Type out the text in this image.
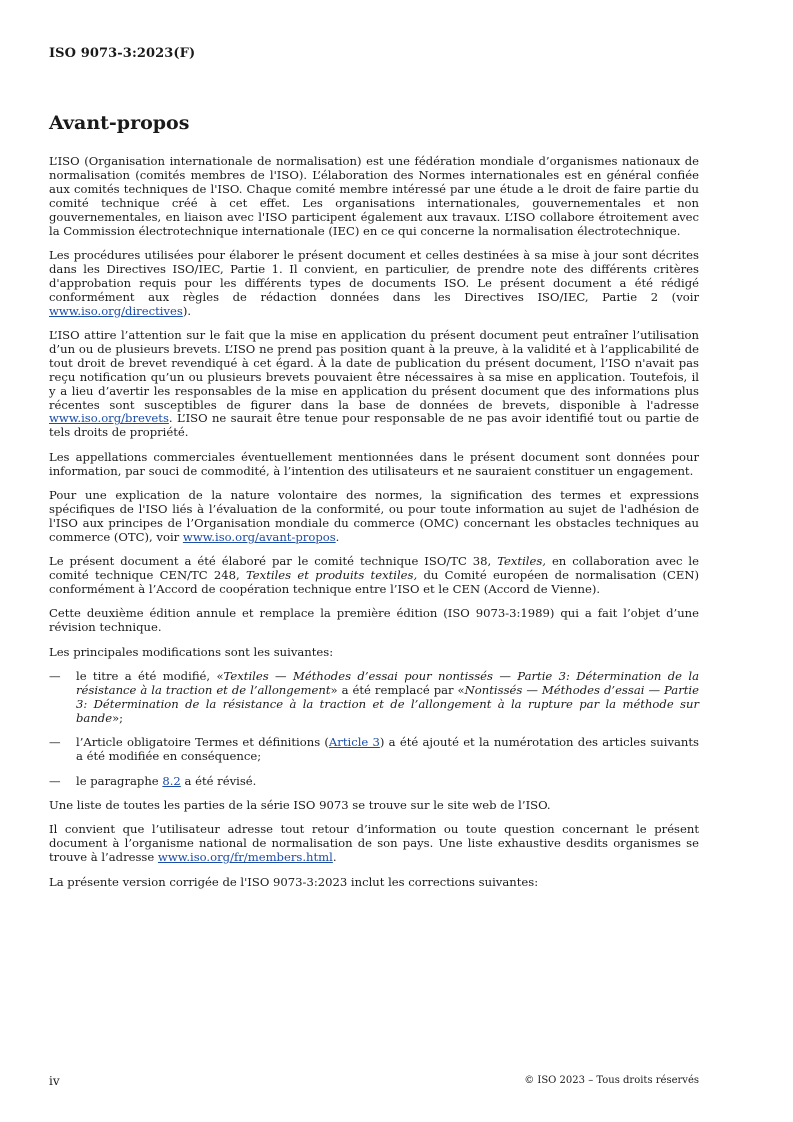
ISO 9073-3:2023(F)
Avant-propos

L’ISO (Organisation internationale de normalisation) est une fédération mondiale d’organismes nationaux de normalisation (comités membres de l'ISO). L’élaboration des Normes internationales est en général confiée aux comités techniques de l'ISO. Chaque comité membre intéressé par une étude a le droit de faire partie du comité technique créé à cet effet. Les organisations internationales, gouvernementales et non gouvernementales, en liaison avec l'ISO participent également aux travaux. L’ISO collabore étroitement avec la Commission électrotechnique internationale (IEC) en ce qui concerne la normalisation électrotechnique.

Les procédures utilisées pour élaborer le présent document et celles destinées à sa mise à jour sont décrites dans les Directives ISO/IEC, Partie 1. Il convient, en particulier, de prendre note des différents critères d'approbation requis pour les différents types de documents ISO. Le présent document a été rédigé conformément aux règles de rédaction données dans les Directives ISO/IEC, Partie 2 (voir www.iso.org/directives).

L’ISO attire l’attention sur le fait que la mise en application du présent document peut entraîner l’utilisation d’un ou de plusieurs brevets. L’ISO ne prend pas position quant à la preuve, à la validité et à l’applicabilité de tout droit de brevet revendiqué à cet égard. À la date de publication du présent document, l’ISO n'avait pas reçu notification qu’un ou plusieurs brevets pouvaient être nécessaires à sa mise en application. Toutefois, il y a lieu d’avertir les responsables de la mise en application du présent document que des informations plus récentes sont susceptibles de figurer dans la base de données de brevets, disponible à l'adresse www.iso.org/brevets. L’ISO ne saurait être tenue pour responsable de ne pas avoir identifié tout ou partie de tels droits de propriété.

Les appellations commerciales éventuellement mentionnées dans le présent document sont données pour information, par souci de commodité, à l’intention des utilisateurs et ne sauraient constituer un engagement.

Pour une explication de la nature volontaire des normes, la signification des termes et expressions spécifiques de l'ISO liés à l’évaluation de la conformité, ou pour toute information au sujet de l'adhésion de l'ISO aux principes de l’Organisation mondiale du commerce (OMC) concernant les obstacles techniques au commerce (OTC), voir www.iso.org/avant-propos.

Le présent document a été élaboré par le comité technique ISO/TC 38, Textiles, en collaboration avec le comité technique CEN/TC 248, Textiles et produits textiles, du Comité européen de normalisation (CEN) conformément à l’Accord de coopération technique entre l’ISO et le CEN (Accord de Vienne).

Cette deuxième édition annule et remplace la première édition (ISO 9073-3:1989) qui a fait l’objet d’une révision technique.

Les principales modifications sont les suivantes:

— le titre a été modifié, «Textiles — Méthodes d’essai pour nontissés — Partie 3: Détermination de la résistance à la traction et de l’allongement» a été remplacé par «Nontissés — Méthodes d’essai — Partie 3: Détermination de la résistance à la traction et de l’allongement à la rupture par la méthode sur bande»;
— l’Article obligatoire Termes et définitions (Article 3) a été ajouté et la numérotation des articles suivants a été modifiée en conséquence;
— le paragraphe 8.2 a été révisé.

Une liste de toutes les parties de la série ISO 9073 se trouve sur le site web de l’ISO.

Il convient que l’utilisateur adresse tout retour d’information ou toute question concernant le présent document à l’organisme national de normalisation de son pays. Une liste exhaustive desdits organismes se trouve à l’adresse www.iso.org/fr/members.html.

La présente version corrigée de l'ISO 9073-3:2023 inclut les corrections suivantes:

iv	© ISO 2023 – Tous droits réservés
